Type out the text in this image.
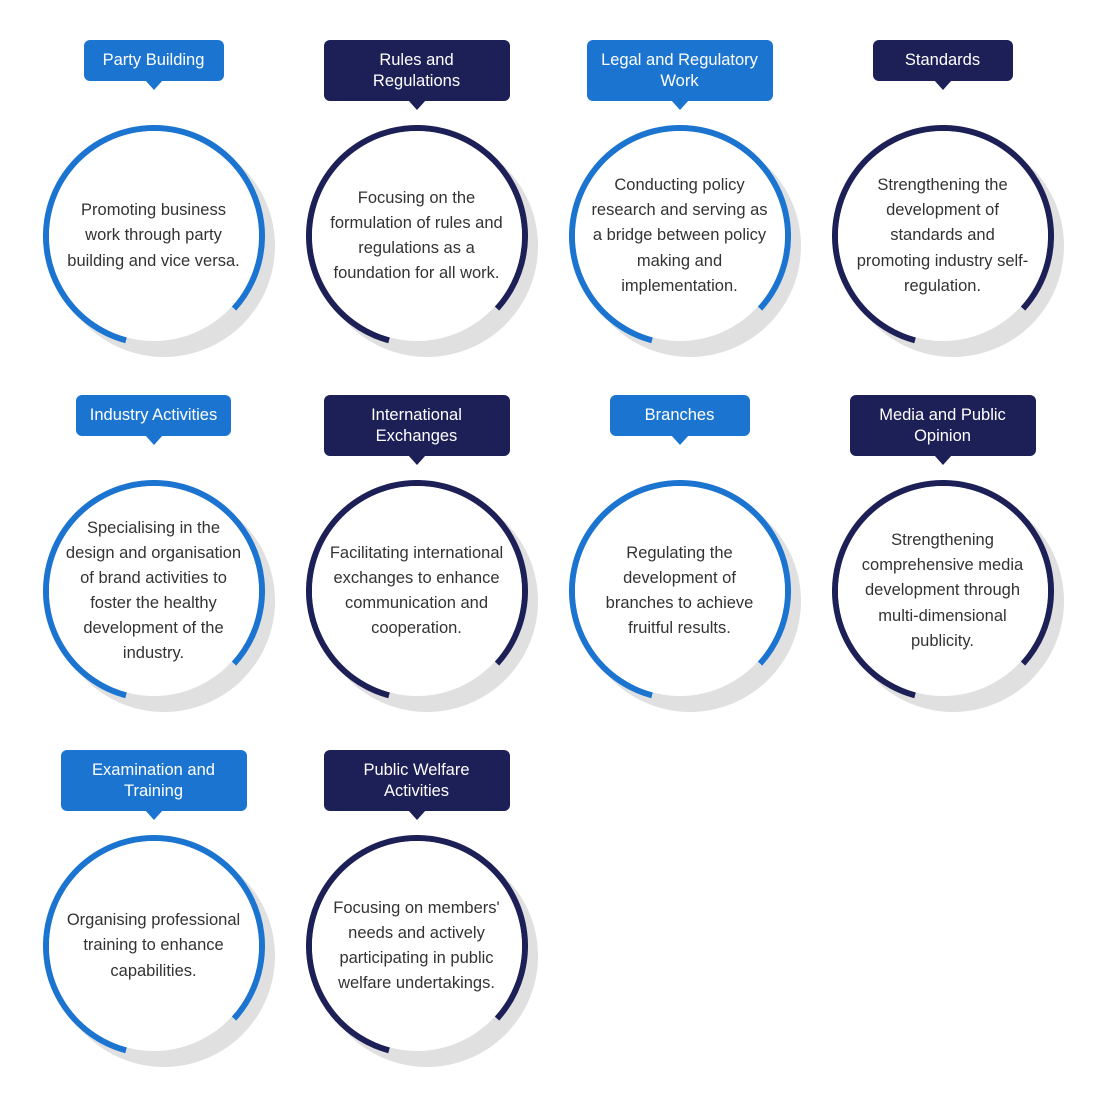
Party Building
Promoting business work through party building and vice versa.
Rules and Regulations
Focusing on the formulation of rules and regulations as a foundation for all work.
Legal and Regulatory Work
Conducting policy research and serving as a bridge between policy making and implementation.
Standards
Strengthening the development of standards and promoting industry self-regulation.
Industry Activities
Specialising in the design and organisation of brand activities to foster the healthy development of the industry.
International Exchanges
Facilitating international exchanges to enhance communication and cooperation.
Branches
Regulating the development of branches to achieve fruitful results.
Media and Public Opinion
Strengthening comprehensive media development through multi-dimensional publicity.
Examination and Training
Organising professional training to enhance capabilities.
Public Welfare Activities
Focusing on members' needs and actively participating in public welfare undertakings.
